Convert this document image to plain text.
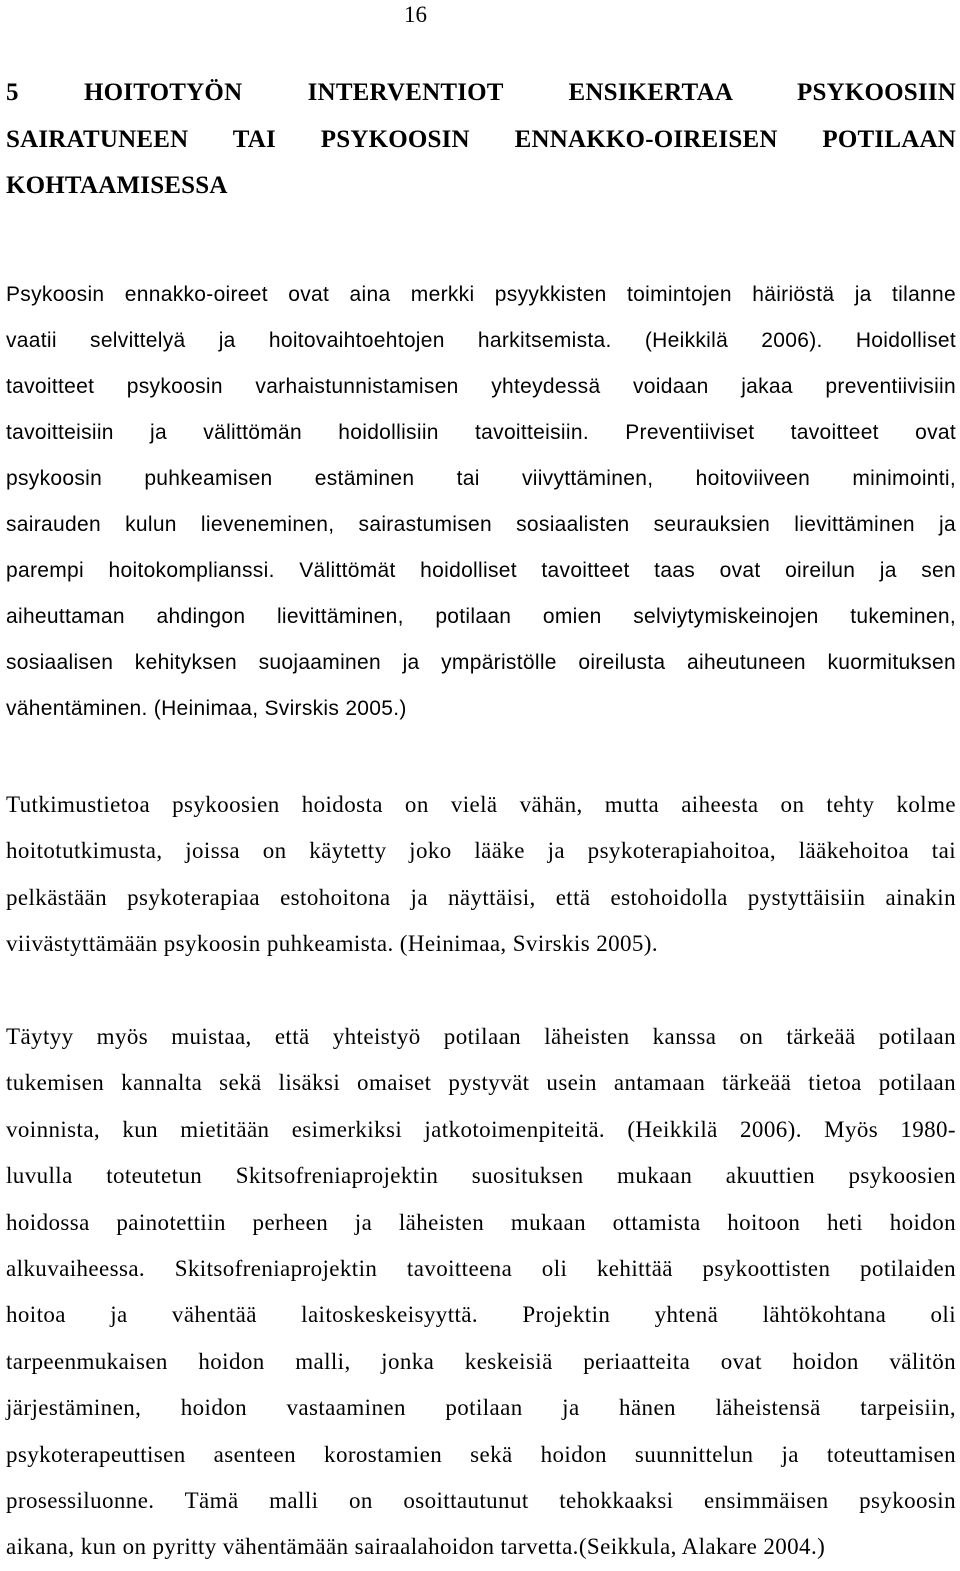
16
5 HOITOTYÖN INTERVENTIOT ENSIKERTAA PSYKOOSIIN
SAIRATUNEEN TAI PSYKOOSIN ENNAKKO-OIREISEN POTILAAN
KOHTAAMISESSA

Psykoosin ennakko-oireet ovat aina merkki psyykkisten toimintojen häiriöstä ja tilanne
vaatii selvittelyä ja hoitovaihtoehtojen harkitsemista. (Heikkilä 2006). Hoidolliset
tavoitteet psykoosin varhaistunnistamisen yhteydessä voidaan jakaa preventiivisiin
tavoitteisiin ja välittömän hoidollisiin tavoitteisiin. Preventiiviset tavoitteet ovat
psykoosin puhkeamisen estäminen tai viivyttäminen, hoitoviiveen minimointi,
sairauden kulun lieveneminen, sairastumisen sosiaalisten seurauksien lievittäminen ja
parempi hoitokomplianssi. Välittömät hoidolliset tavoitteet taas ovat oireilun ja sen
aiheuttaman ahdingon lievittäminen, potilaan omien selviytymiskeinojen tukeminen,
sosiaalisen kehityksen suojaaminen ja ympäristölle oireilusta aiheutuneen kuormituksen
vähentäminen. (Heinimaa, Svirskis 2005.)

Tutkimustietoa psykoosien hoidosta on vielä vähän, mutta aiheesta on tehty kolme
hoitotutkimusta, joissa on käytetty joko lääke ja psykoterapiahoitoa, lääkehoitoa tai
pelkästään psykoterapiaa estohoitona ja näyttäisi, että estohoidolla pystyttäisiin ainakin
viivästyttämään psykoosin puhkeamista. (Heinimaa, Svirskis 2005).

Täytyy myös muistaa, että yhteistyö potilaan läheisten kanssa on tärkeää potilaan
tukemisen kannalta sekä lisäksi omaiset pystyvät usein antamaan tärkeää tietoa potilaan
voinnista, kun mietitään esimerkiksi jatkotoimenpiteitä. (Heikkilä 2006). Myös 1980-
luvulla toteutetun Skitsofreniaprojektin suosituksen mukaan akuuttien psykoosien
hoidossa painotettiin perheen ja läheisten mukaan ottamista hoitoon heti hoidon
alkuvaiheessa. Skitsofreniaprojektin tavoitteena oli kehittää psykoottisten potilaiden
hoitoa ja vähentää laitoskeskeisyyttä. Projektin yhtenä lähtökohtana oli
tarpeenmukaisen hoidon malli, jonka keskeisiä periaatteita ovat hoidon välitön
järjestäminen, hoidon vastaaminen potilaan ja hänen läheistensä tarpeisiin,
psykoterapeuttisen asenteen korostamien sekä hoidon suunnittelun ja toteuttamisen
prosessiluonne. Tämä malli on osoittautunut tehokkaaksi ensimmäisen psykoosin
aikana, kun on pyritty vähentämään sairaalahoidon tarvetta.(Seikkula, Alakare 2004.)
